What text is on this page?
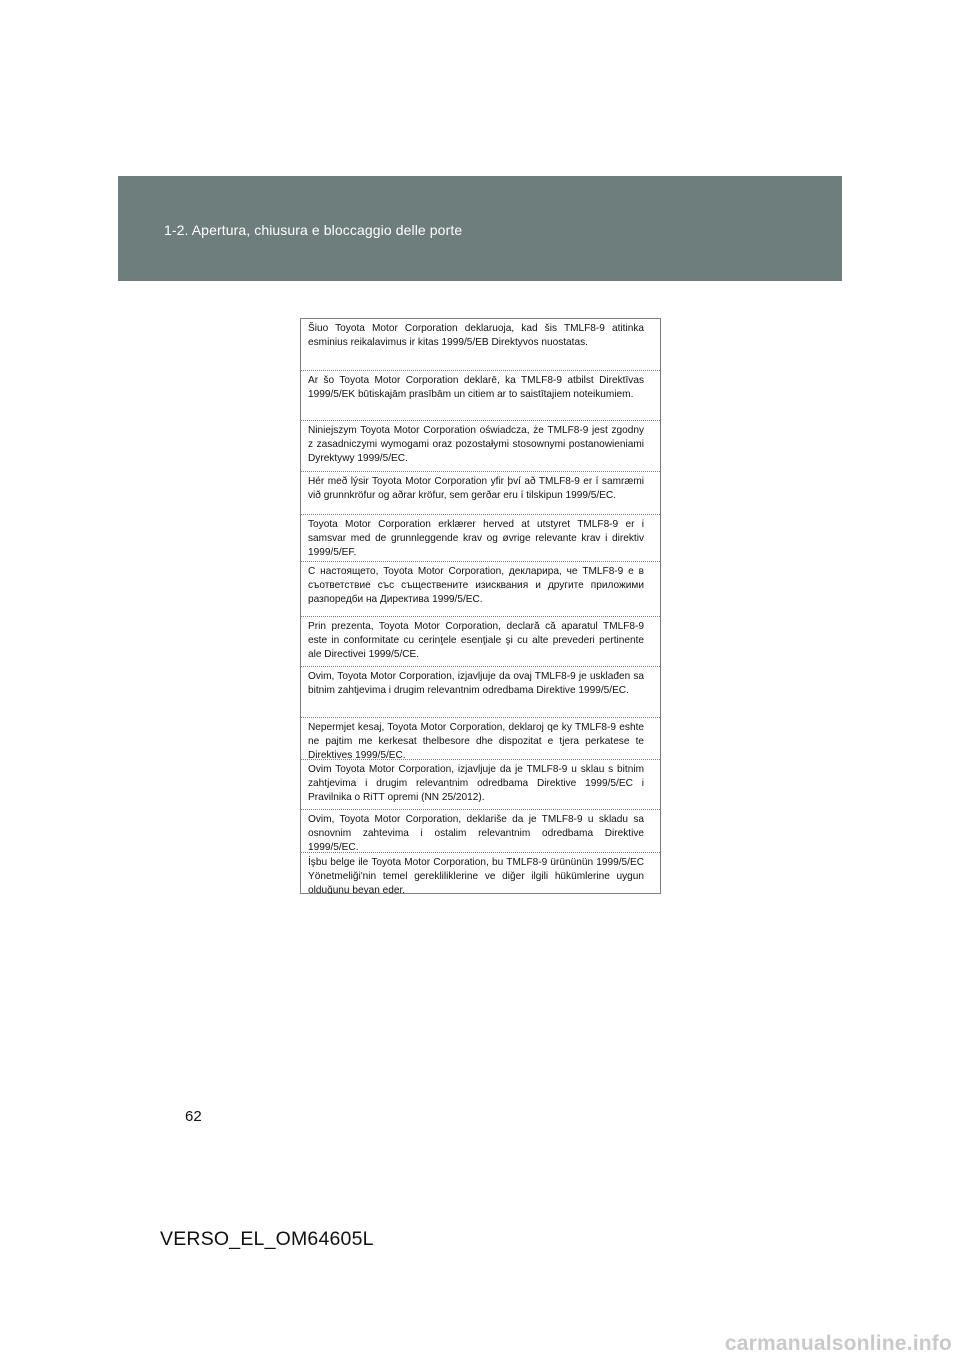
1-2. Apertura, chiusura e bloccaggio delle porte
Šiuo Toyota Motor Corporation deklaruoja, kad šis TMLF8-9 atitinka esminius reikalavimus ir kitas 1999/5/EB Direktyvos nuostatas.
Ar šo Toyota Motor Corporation deklarē, ka TMLF8-9 atbilst Direktīvas 1999/5/EK būtiskajām prasībām un citiem ar to saistītajiem noteikumiem.
Niniejszym Toyota Motor Corporation oświadcza, że TMLF8-9 jest zgodny z zasadniczymi wymogami oraz pozostałymi stosownymi postanowieniami Dyrektywy 1999/5/EC.
Hér með lýsir Toyota Motor Corporation yfir því að TMLF8-9 er í samræmi við grunnkröfur og aðrar kröfur, sem gerðar eru í tilskipun 1999/5/EC.
Toyota Motor Corporation erklærer herved at utstyret TMLF8-9 er i samsvar med de grunnleggende krav og øvrige relevante krav i direktiv 1999/5/EF.
С настоящето, Toyota Motor Corporation, декларира, че TMLF8-9 е в съответствие със съществените изисквания и другите приложими разпоредби на Директива 1999/5/ЕС.
Prin prezenta, Toyota Motor Corporation, declară că aparatul TMLF8-9 este in conformitate cu cerinţele esenţiale şi cu alte prevederi pertinente ale Directivei 1999/5/CE.
Ovim, Toyota Motor Corporation, izjavljuje da ovaj TMLF8-9 je usklađen sa bitnim zahtjevima i drugim relevantnim odredbama Direktive 1999/5/EC.
Nepermjet kesaj, Toyota Motor Corporation, deklaroj qe ky TMLF8-9 eshte ne pajtim me kerkesat thelbesore dhe dispozitat e tjera perkatese te Direktives 1999/5/EC.
Ovim Toyota Motor Corporation, izjavljuje da je TMLF8-9 u sklau s bitnim zahtjevima i drugim relevantnim odredbama Direktive 1999/5/EC i Pravilnika o RiTT opremi (NN 25/2012).
Ovim, Toyota Motor Corporation, deklariše da je TMLF8-9 u skladu sa osnovnim zahtevima i ostalim relevantnim odredbama Direktive 1999/5/EC.
İşbu belge ile Toyota Motor Corporation, bu TMLF8-9 ürününün 1999/5/EC Yönetmeliği'nin temel gerekliliklerine ve diğer ilgili hükümlerine uygun olduğunu beyan eder.
62
VERSO_EL_OM64605L
carmanualsonline.info
